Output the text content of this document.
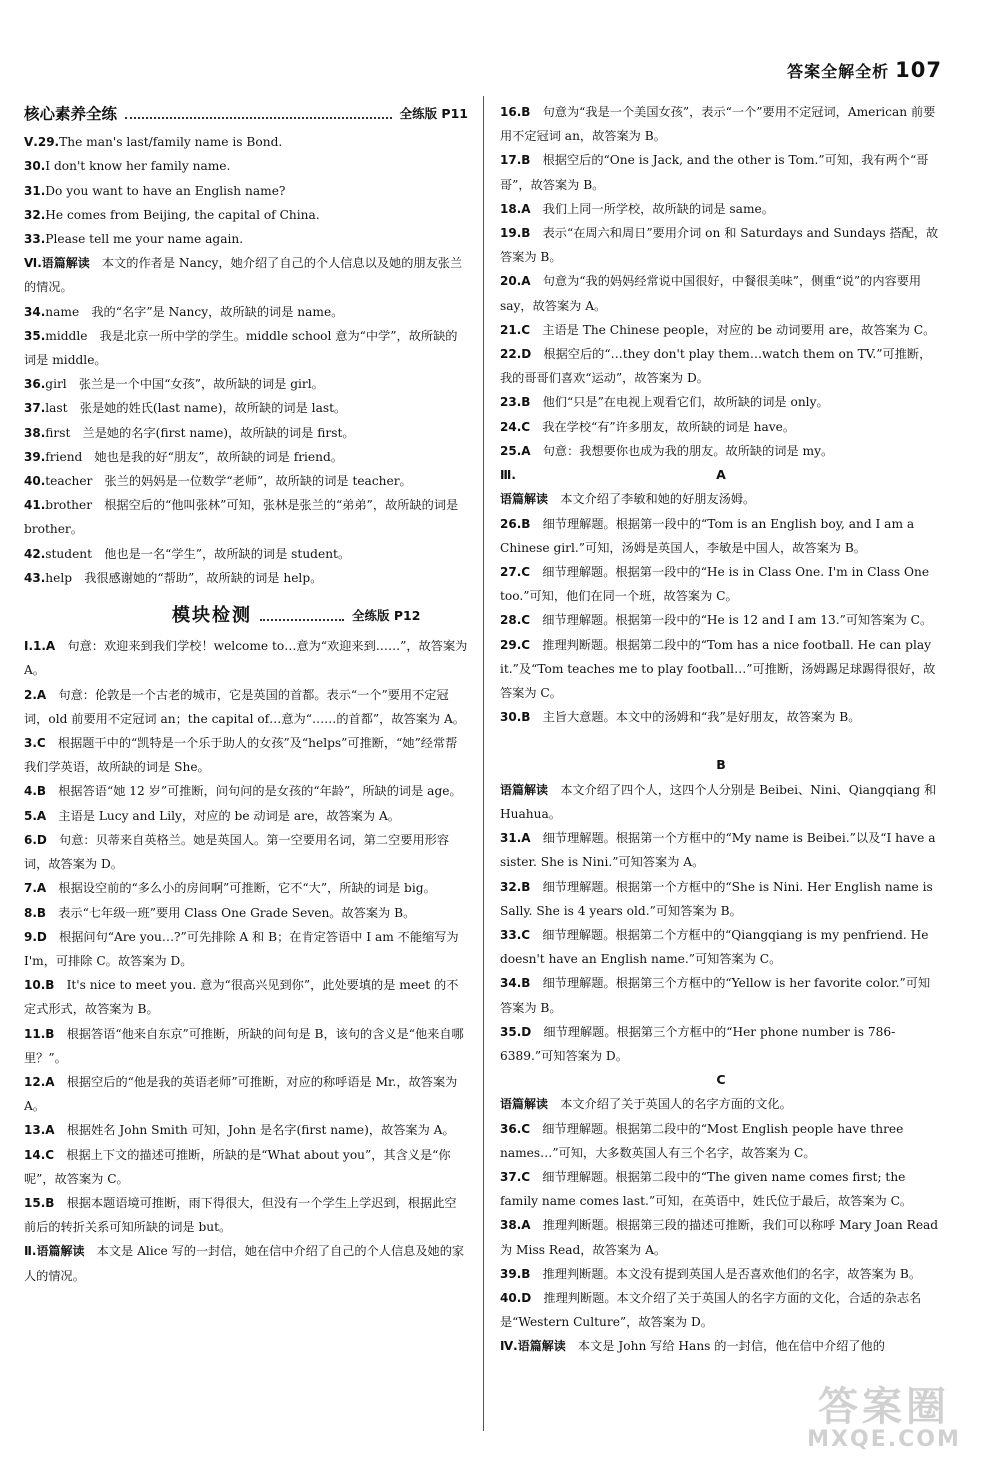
答案全解全析 107
核心素养全练	全练版 P11

Ⅴ.29.The man's last/family name is Bond.

30.I don't know her family name.

31.Do you want to have an English name?

32.He comes from Beijing, the capital of China.

33.Please tell me your name again.

Ⅵ.语篇解读　本文的作者是 Nancy，她介绍了自己的个人信息以及她的朋友张兰的情况。

34.name　我的“名字”是 Nancy，故所缺的词是 name。

35.middle　我是北京一所中学的学生。middle school 意为“中学”，故所缺的词是 middle。

36.girl　张兰是一个中国“女孩”，故所缺的词是 girl。

37.last　张是她的姓氏(last name)，故所缺的词是 last。

38.first　兰是她的名字(first name)，故所缺的词是 first。

39.friend　她也是我的好“朋友”，故所缺的词是 friend。

40.teacher　张兰的妈妈是一位数学“老师”，故所缺的词是 teacher。

41.brother　根据空后的“他叫张林”可知，张林是张兰的“弟弟”，故所缺的词是 brother。

42.student　他也是一名“学生”，故所缺的词是 student。

43.help　我很感谢她的“帮助”，故所缺的词是 help。

模块检测	全练版 P12

Ⅰ.1.A　句意：欢迎来到我们学校！welcome to…意为“欢迎来到……”，故答案为 A。

2.A　句意：伦敦是一个古老的城市，它是英国的首都。表示“一个”要用不定冠词，old 前要用不定冠词 an；the capital of…意为“……的首都”，故答案为 A。

3.C　根据题干中的“凯特是一个乐于助人的女孩”及“helps”可推断，“她”经常帮我们学英语，故所缺的词是 She。

4.B　根据答语“她 12 岁”可推断，问句问的是女孩的“年龄”，所缺的词是 age。

5.A　主语是 Lucy and Lily，对应的 be 动词是 are，故答案为 A。

6.D　句意：贝蒂来自英格兰。她是英国人。第一空要用名词，第二空要用形容词，故答案为 D。

7.A　根据设空前的“多么小的房间啊”可推断，它不“大”，所缺的词是 big。

8.B　表示“七年级一班”要用 Class One Grade Seven。故答案为 B。

9.D　根据问句“Are you…?”可先排除 A 和 B；在肯定答语中 I am 不能缩写为 I'm，可排除 C。故答案为 D。

10.B　It's nice to meet you. 意为“很高兴见到你”，此处要填的是 meet 的不定式形式，故答案为 B。

11.B　根据答语“他来自东京”可推断，所缺的问句是 B，该句的含义是“他来自哪里？”。

12.A　根据空后的“他是我的英语老师”可推断，对应的称呼语是 Mr.，故答案为 A。

13.A　根据姓名 John Smith 可知，John 是名字(first name)，故答案为 A。

14.C　根据上下文的描述可推断，所缺的是“What about you”，其含义是“你呢”，故答案为 C。

15.B　根据本题语境可推断，雨下得很大，但没有一个学生上学迟到，根据此空前后的转折关系可知所缺的词是 but。

Ⅱ.语篇解读　本文是 Alice 写的一封信，她在信中介绍了自己的个人信息及她的家人的情况。

16.B　句意为“我是一个美国女孩”，表示“一个”要用不定冠词，American 前要用不定冠词 an，故答案为 B。

17.B　根据空后的“One is Jack, and the other is Tom.”可知，我有两个“哥哥”，故答案为 B。

18.A　我们上同一所学校，故所缺的词是 same。

19.B　表示“在周六和周日”要用介词 on 和 Saturdays and Sundays 搭配，故答案为 B。

20.A　句意为“我的妈妈经常说中国很好，中餐很美味”，侧重“说”的内容要用 say，故答案为 A。

21.C　主语是 The Chinese people，对应的 be 动词要用 are，故答案为 C。

22.D　根据空后的“…they don't play them…watch them on TV.”可推断，我的哥哥们喜欢“运动”，故答案为 D。

23.B　他们“只是”在电视上观看它们，故所缺的词是 only。

24.C　我在学校“有”许多朋友，故所缺的词是 have。

25.A　句意：我想要你也成为我的朋友。故所缺的词是 my。

Ⅲ.	A

语篇解读　本文介绍了李敏和她的好朋友汤姆。

26.B　细节理解题。根据第一段中的“Tom is an English boy, and I am a Chinese girl.”可知，汤姆是英国人，李敏是中国人，故答案为 B。

27.C　细节理解题。根据第一段中的“He is in Class One. I'm in Class One too.”可知，他们在同一个班，故答案为 C。

28.C　细节理解题。根据第一段中的“He is 12 and I am 13.”可知答案为 C。

29.C　推理判断题。根据第二段中的“Tom has a nice football. He can play it.”及“Tom teaches me to play football…”可推断，汤姆踢足球踢得很好，故答案为 C。

30.B　主旨大意题。本文中的汤姆和“我”是好朋友，故答案为 B。

B

语篇解读　本文介绍了四个人，这四个人分别是 Beibei、Nini、Qiangqiang 和 Huahua。

31.A　细节理解题。根据第一个方框中的“My name is Beibei.”以及“I have a sister. She is Nini.”可知答案为 A。

32.B　细节理解题。根据第一个方框中的“She is Nini. Her English name is Sally. She is 4 years old.”可知答案为 B。

33.C　细节理解题。根据第二个方框中的“Qiangqiang is my penfriend. He doesn't have an English name.”可知答案为 C。

34.B　细节理解题。根据第三个方框中的“Yellow is her favorite color.”可知答案为 B。

35.D　细节理解题。根据第三个方框中的“Her phone number is 786-6389.”可知答案为 D。

C

语篇解读　本文介绍了关于英国人的名字方面的文化。

36.C　细节理解题。根据第二段中的“Most English people have three names…”可知，大多数英国人有三个名字，故答案为 C。

37.C　细节理解题。根据第二段中的“The given name comes first; the family name comes last.”可知，在英语中，姓氏位于最后，故答案为 C。

38.A　推理判断题。根据第三段的描述可推断，我们可以称呼 Mary Joan Read 为 Miss Read，故答案为 A。

39.B　推理判断题。本文没有提到英国人是否喜欢他们的名字，故答案为 B。

40.D　推理判断题。本文介绍了关于英国人的名字方面的文化，合适的杂志名是“Western Culture”，故答案为 D。

Ⅳ.语篇解读　本文是 John 写给 Hans 的一封信，他在信中介绍了他的

答案圈
MXQE.COM
